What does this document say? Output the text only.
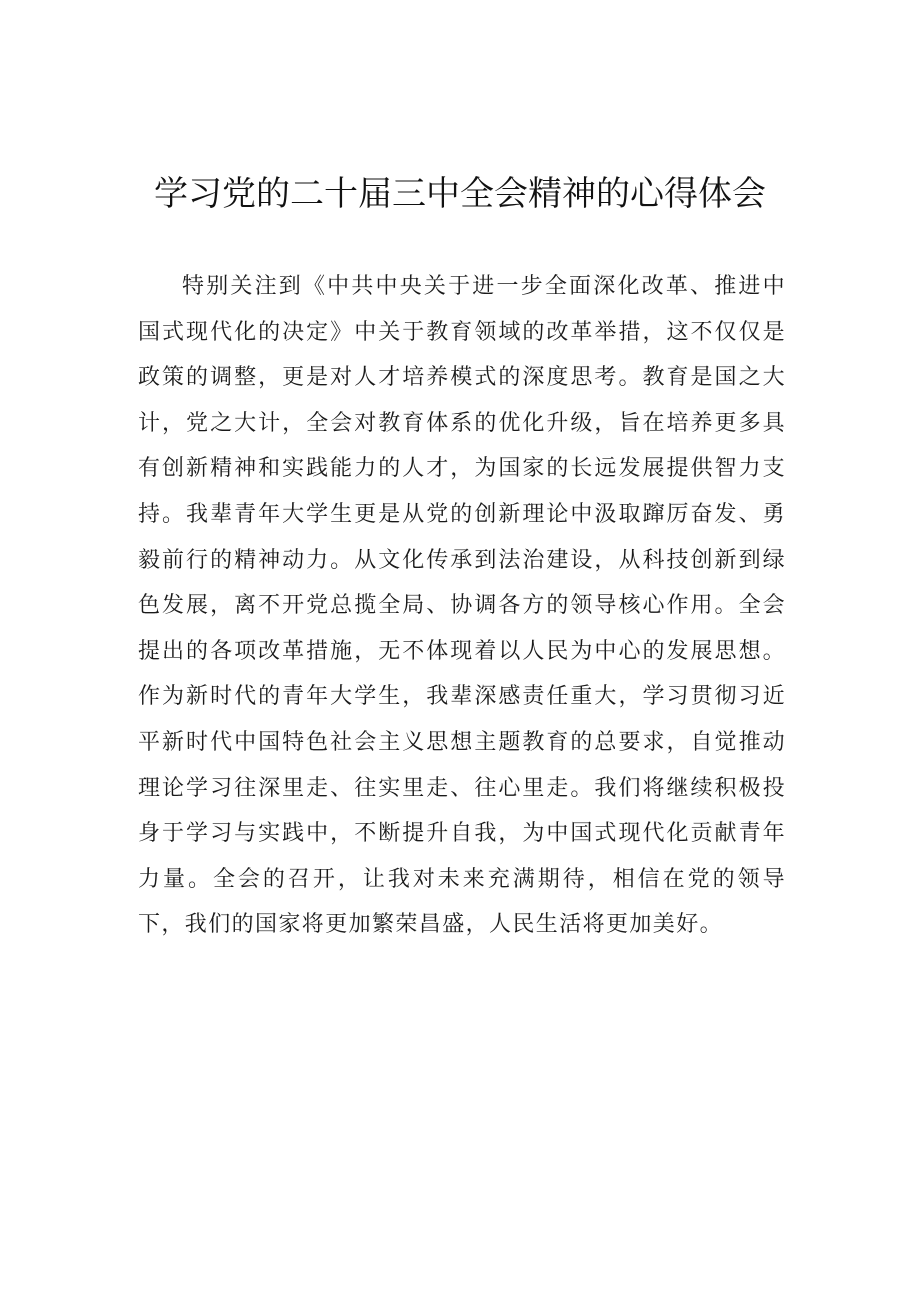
学习党的二十届三中全会精神的心得体会

特别关注到《中共中央关于进一步全面深化改革、推进中国式现代化的决定》中关于教育领域的改革举措，这不仅仅是政策的调整，更是对人才培养模式的深度思考。教育是国之大计，党之大计，全会对教育体系的优化升级，旨在培养更多具有创新精神和实践能力的人才，为国家的长远发展提供智力支持。我辈青年大学生更是从党的创新理论中汲取蹿厉奋发、勇毅前行的精神动力。从文化传承到法治建设，从科技创新到绿色发展，离不开党总揽全局、协调各方的领导核心作用。全会提出的各项改革措施，无不体现着以人民为中心的发展思想。作为新时代的青年大学生，我辈深感责任重大，学习贯彻习近平新时代中国特色社会主义思想主题教育的总要求，自觉推动理论学习往深里走、往实里走、往心里走。我们将继续积极投身于学习与实践中，不断提升自我，为中国式现代化贡献青年力量。全会的召开，让我对未来充满期待，相信在党的领导下，我们的国家将更加繁荣昌盛，人民生活将更加美好。
